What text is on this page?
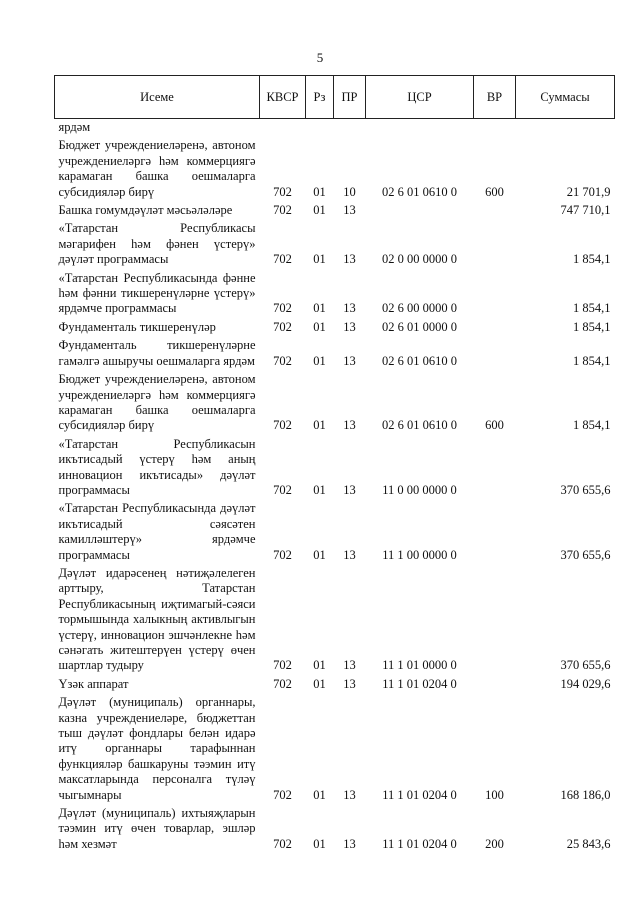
5
Исеме	КВСР	Рз	ПР	ЦСР	ВР	Суммасы

ярдәм						

Бюджет учреждениеләренә, автоном учреждениеләргә һәм коммерциягә карамаган башка оешмаларга субсидияләр бирү	702	01	10	02 6 01 0610 0	600	21 701,9

Башка гомумдәүләт мәсьәләләре	702	01	13			747 710,1

«Татарстан Республикасы мәгарифен һәм фәнен үстерү» дәүләт программасы	702	01	13	02 0 00 0000 0		1 854,1

«Татарстан Республикасында фәнне һәм фәнни тикшеренүләрне үстерү» ярдәмче программасы	702	01	13	02 6 00 0000 0		1 854,1

Фундаменталь тикшеренүләр	702	01	13	02 6 01 0000 0		1 854,1

Фундаменталь тикшеренүләрне гамәлгә ашыручы оешмаларга ярдәм	702	01	13	02 6 01 0610 0		1 854,1

Бюджет учреждениеләренә, автоном учреждениеләргә һәм коммерциягә карамаган башка оешмаларга субсидияләр бирү	702	01	13	02 6 01 0610 0	600	1 854,1

«Татарстан Республикасын икътисадый үстерү һәм аның инновацион икътисады» дәүләт программасы	702	01	13	11 0 00 0000 0		370 655,6

«Татарстан Республикасында дәүләт икътисадый сәясәтен камилләштерү» ярдәмче программасы	702	01	13	11 1 00 0000 0		370 655,6

Дәүләт идарәсенең нәтиҗәлелеген арттыру, Татарстан Республикасының иҗтимагый-сәяси тормышында халыкның активлыгын үстерү, инновацион эшчәнлекне һәм сәнәгать житештерүен үстерү өчен шартлар тудыру	702	01	13	11 1 01 0000 0		370 655,6

Үзәк аппарат	702	01	13	11 1 01 0204 0		194 029,6

Дәүләт (муниципаль) органнары, казна учреждениеләре, бюджеттан тыш дәүләт фондлары белән идарә итү органнары тарафыннан функцияләр башкаруны тәэмин итү максатларында персоналга түләү чыгымнары	702	01	13	11 1 01 0204 0	100	168 186,0

Дәүләт (муниципаль) ихтыяҗларын тәэмин итү өчен товарлар, эшләр һәм хезмәт	702	01	13	11 1 01 0204 0	200	25 843,6
